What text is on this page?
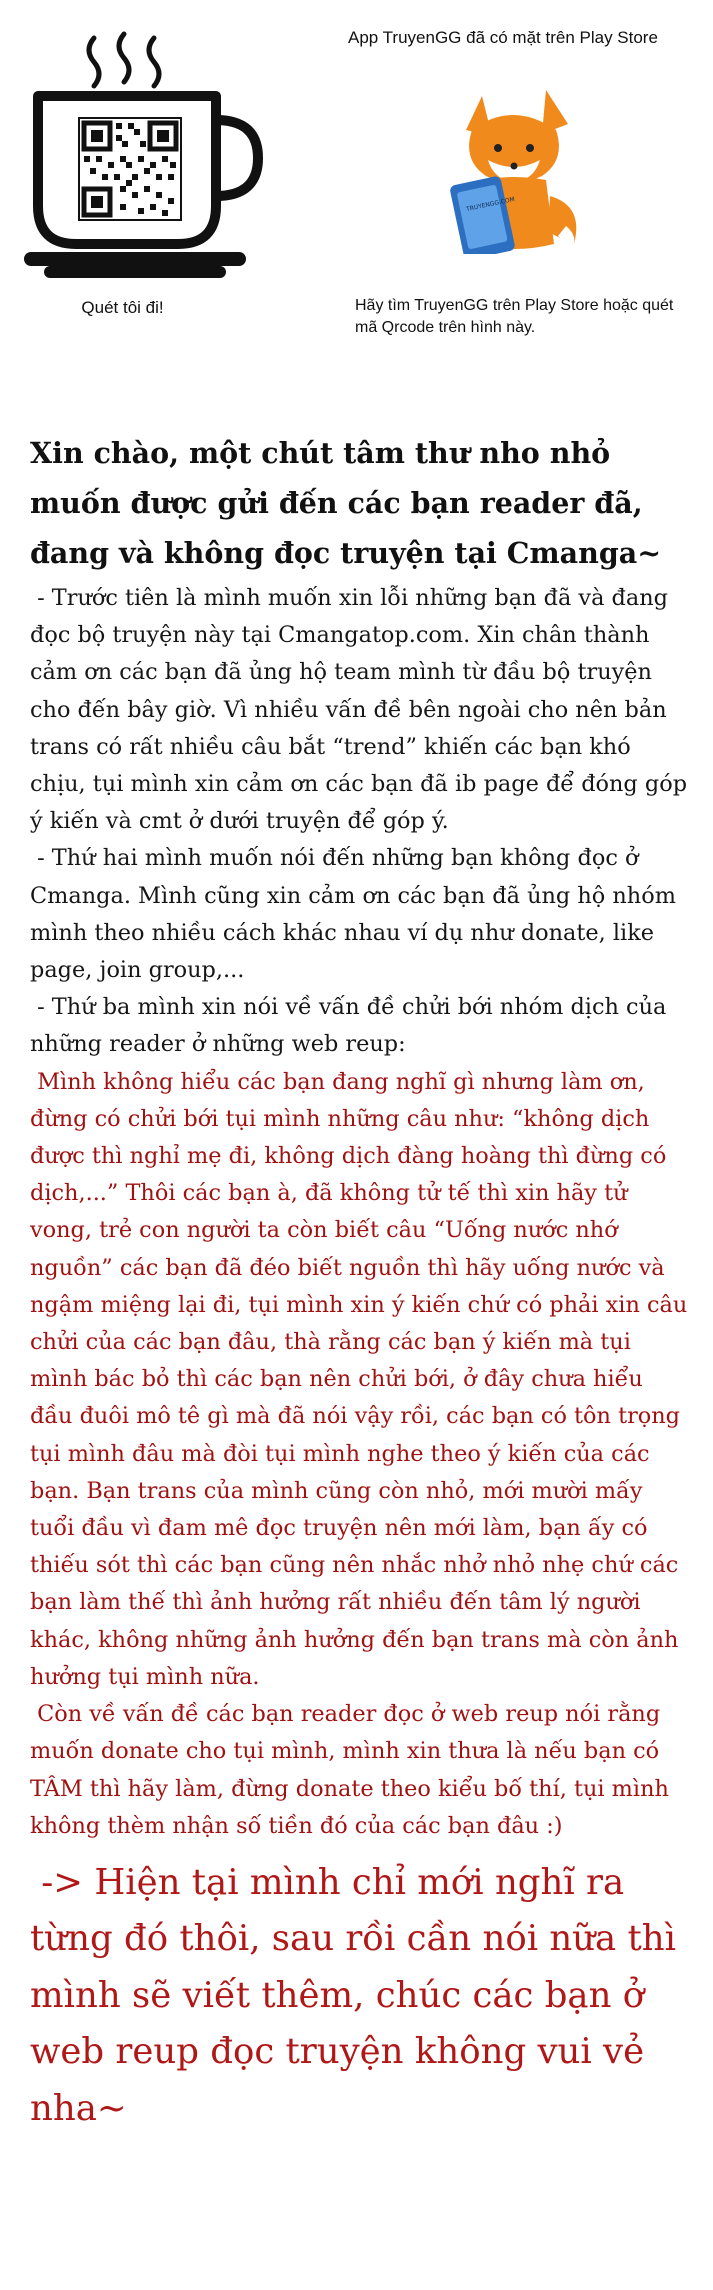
Quét tôi đi!
App TruyenGG đã có mặt trên Play Store
TRUYENGG.COM
Hãy tìm TruyenGG trên Play Store hoặc quét mã Qrcode trên hình này.

Xin chào, một chút tâm thư nho nhỏ muốn được gửi đến các bạn reader đã, đang và không đọc truyện tại Cmanga~

- Trước tiên là mình muốn xin lỗi những bạn đã và đang đọc bộ truyện này tại Cmangatop.com. Xin chân thành cảm ơn các bạn đã ủng hộ team mình từ đầu bộ truyện cho đến bây giờ. Vì nhiều vấn đề bên ngoài cho nên bản trans có rất nhiều câu bắt “trend” khiến các bạn khó chịu, tụi mình xin cảm ơn các bạn đã ib page để đóng góp ý kiến và cmt ở dưới truyện để góp ý.

- Thứ hai mình muốn nói đến những bạn không đọc ở Cmanga. Mình cũng xin cảm ơn các bạn đã ủng hộ nhóm mình theo nhiều cách khác nhau ví dụ như donate, like page, join group,...

- Thứ ba mình xin nói về vấn đề chửi bới nhóm dịch của những reader ở những web reup:

Mình không hiểu các bạn đang nghĩ gì nhưng làm ơn, đừng có chửi bới tụi mình những câu như: “không dịch được thì nghỉ mẹ đi, không dịch đàng hoàng thì đừng có dịch,...” Thôi các bạn à, đã không tử tế thì xin hãy tử vong, trẻ con người ta còn biết câu “Uống nước nhớ nguồn” các bạn đã đéo biết nguồn thì hãy uống nước và ngậm miệng lại đi, tụi mình xin ý kiến chứ có phải xin câu chửi của các bạn đâu, thà rằng các bạn ý kiến mà tụi mình bác bỏ thì các bạn nên chửi bới, ở đây chưa hiểu đầu đuôi mô tê gì mà đã nói vậy rồi, các bạn có tôn trọng tụi mình đâu mà đòi tụi mình nghe theo ý kiến của các bạn. Bạn trans của mình cũng còn nhỏ, mới mười mấy tuổi đầu vì đam mê đọc truyện nên mới làm, bạn ấy có thiếu sót thì các bạn cũng nên nhắc nhở nhỏ nhẹ chứ các bạn làm thế thì ảnh hưởng rất nhiều đến tâm lý người khác, không những ảnh hưởng đến bạn trans mà còn ảnh hưởng tụi mình nữa.

Còn về vấn đề các bạn reader đọc ở web reup nói rằng muốn donate cho tụi mình, mình xin thưa là nếu bạn có TÂM thì hãy làm, đừng donate theo kiểu bố thí, tụi mình không thèm nhận số tiền đó của các bạn đâu :)

-> Hiện tại mình chỉ mới nghĩ ra từng đó thôi, sau rồi cần nói nữa thì mình sẽ viết thêm, chúc các bạn ở web reup đọc truyện không vui vẻ nha~
